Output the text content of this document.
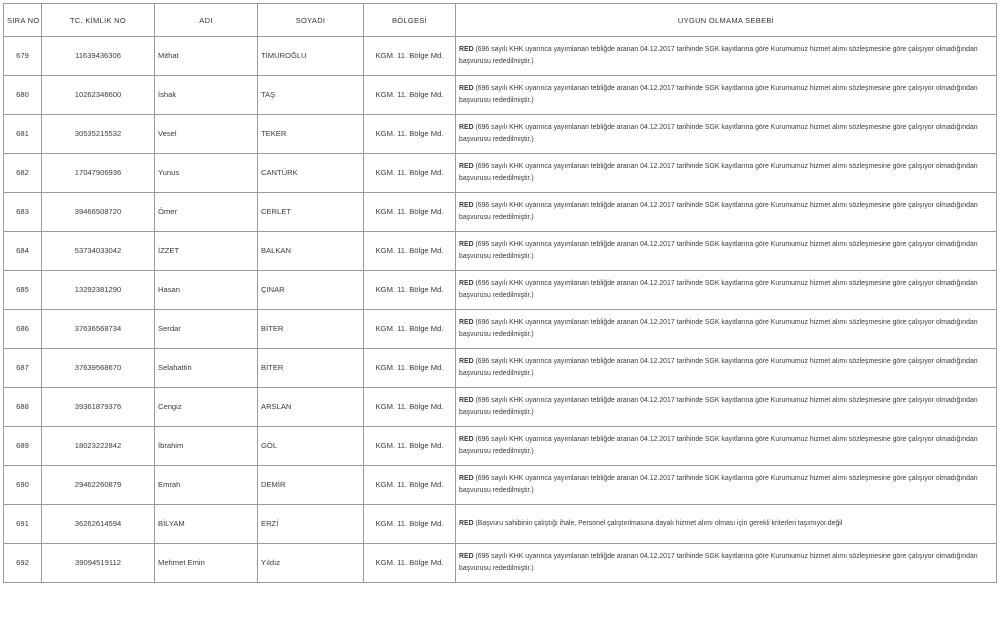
SIRA NO	TC. KİMLİK NO	ADI	SOYADI	BÖLGESİ	UYGUN OLMAMA SEBEBİ
679	11639436306	Mithat	TİMUROĞLU	KGM. 11. Bölge Md.	RED (696 sayılı KHK uyarınca yayımlanan tebliğde aranan 04.12.2017 tarihinde SGK kayıtlarına göre Kurumumuz hizmet alımı sözleşmesine göre çalışıyor olmadığından başvurusu rededilmiştir.)
680	10262346600	İshak	TAŞ	KGM. 11. Bölge Md.	RED (696 sayılı KHK uyarınca yayımlanan tebliğde aranan 04.12.2017 tarihinde SGK kayıtlarına göre Kurumumuz hizmet alımı sözleşmesine göre çalışıyor olmadığından başvurusu rededilmiştir.)
681	30535215532	Vesel	TEKER	KGM. 11. Bölge Md.	RED (696 sayılı KHK uyarınca yayımlanan tebliğde aranan 04.12.2017 tarihinde SGK kayıtlarına göre Kurumumuz hizmet alımı sözleşmesine göre çalışıyor olmadığından başvurusu rededilmiştir.)
682	17047906936	Yunus	CANTÜRK	KGM. 11. Bölge Md.	RED (696 sayılı KHK uyarınca yayımlanan tebliğde aranan 04.12.2017 tarihinde SGK kayıtlarına göre Kurumumuz hizmet alımı sözleşmesine göre çalışıyor olmadığından başvurusu rededilmiştir.)
683	39466508720	Ömer	CERLET	KGM. 11. Bölge Md.	RED (696 sayılı KHK uyarınca yayımlanan tebliğde aranan 04.12.2017 tarihinde SGK kayıtlarına göre Kurumumuz hizmet alımı sözleşmesine göre çalışıyor olmadığından başvurusu rededilmiştir.)
684	53734033042	İZZET	BALKAN	KGM. 11. Bölge Md.	RED (696 sayılı KHK uyarınca yayımlanan tebliğde aranan 04.12.2017 tarihinde SGK kayıtlarına göre Kurumumuz hizmet alımı sözleşmesine göre çalışıyor olmadığından başvurusu rededilmiştir.)
685	13292381290	Hasan	ÇINAR	KGM. 11. Bölge Md.	RED (696 sayılı KHK uyarınca yayımlanan tebliğde aranan 04.12.2017 tarihinde SGK kayıtlarına göre Kurumumuz hizmet alımı sözleşmesine göre çalışıyor olmadığından başvurusu rededilmiştir.)
686	37636568734	Serdar	BİTER	KGM. 11. Bölge Md.	RED (696 sayılı KHK uyarınca yayımlanan tebliğde aranan 04.12.2017 tarihinde SGK kayıtlarına göre Kurumumuz hizmet alımı sözleşmesine göre çalışıyor olmadığından başvurusu rededilmiştir.)
687	37639568670	Selahattin	BİTER	KGM. 11. Bölge Md.	RED (696 sayılı KHK uyarınca yayımlanan tebliğde aranan 04.12.2017 tarihinde SGK kayıtlarına göre Kurumumuz hizmet alımı sözleşmesine göre çalışıyor olmadığından başvurusu rededilmiştir.)
688	39361879376	Cengiz	ARSLAN	KGM. 11. Bölge Md.	RED (696 sayılı KHK uyarınca yayımlanan tebliğde aranan 04.12.2017 tarihinde SGK kayıtlarına göre Kurumumuz hizmet alımı sözleşmesine göre çalışıyor olmadığından başvurusu rededilmiştir.)
689	18023222842	İbrahim	GÖL	KGM. 11. Bölge Md.	RED (696 sayılı KHK uyarınca yayımlanan tebliğde aranan 04.12.2017 tarihinde SGK kayıtlarına göre Kurumumuz hizmet alımı sözleşmesine göre çalışıyor olmadığından başvurusu rededilmiştir.)
690	29462260879	Emrah	DEMİR	KGM. 11. Bölge Md.	RED (696 sayılı KHK uyarınca yayımlanan tebliğde aranan 04.12.2017 tarihinde SGK kayıtlarına göre Kurumumuz hizmet alımı sözleşmesine göre çalışıyor olmadığından başvurusu rededilmiştir.)
691	36262614594	BİLYAM	ERZİ	KGM. 11. Bölge Md.	RED (Başvuru sahibinin çalıştığı ihale, Personel çalıştırılmasına dayalı hizmet alımı olması için gerekli kriterleri taşımıyor.değil
692	39094519112	Mehmet Emin	Yıldız	KGM. 11. Bölge Md.	RED (696 sayılı KHK uyarınca yayımlanan tebliğde aranan 04.12.2017 tarihinde SGK kayıtlarına göre Kurumumuz hizmet alımı sözleşmesine göre çalışıyor olmadığından başvurusu rededilmiştir.)
